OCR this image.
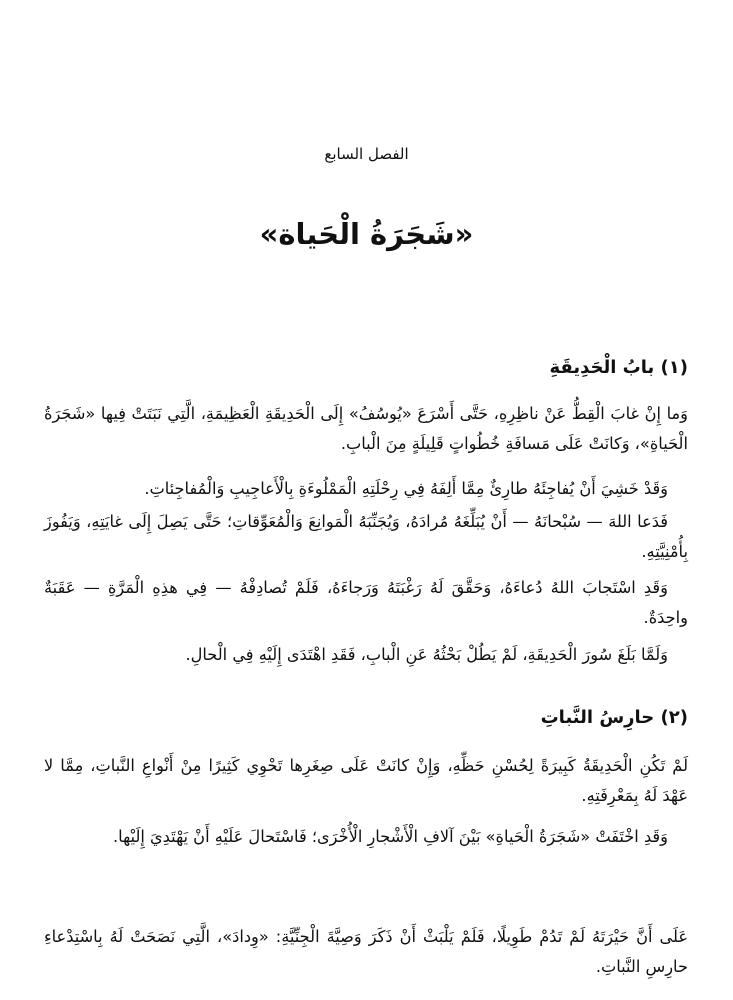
الفصل السابع
«شَجَرَةُ الْحَياة»
(١) بابُ الْحَدِيقَةِ

وَما إِنْ غابَ الْقِطُّ عَنْ ناظِرِهِ، حَتَّى أَسْرَعَ «يُوسُفُ» إِلَى الْحَدِيقَةِ الْعَظِيمَةِ، الَّتِي نَبَتَتْ فِيها «شَجَرَةُ الْحَياةِ»، وَكانَتْ عَلَى مَسافَةِ خُطُواتٍ قَلِيلَةٍ مِنَ الْبابِ.

وَقَدْ خَشِيَ أَنْ يُفاجِئَهُ طارِئٌ مِمَّا أَلِفَهُ فِي رِحْلَتِهِ الْمَمْلُوءَةِ بِالْأَعاجِيبِ وَالْمُفاجِئاتِ.

فَدَعا اللهَ — سُبْحانَهُ — أَنْ يُبَلِّغَهُ مُرادَهُ، وَيُجَنِّبَهُ الْمَوانِعَ وَالْمُعَوِّقاتِ؛ حَتَّى يَصِلَ إِلَى غايَتِهِ، وَيَفُوزَ بِأُمْنِيَّتِهِ.

وَقَدِ اسْتَجابَ اللهُ دُعاءَهُ، وَحَقَّقَ لَهُ رَغْبَتَهُ وَرَجاءَهُ، فَلَمْ تُصادِفْهُ — فِي هذِهِ الْمَرَّةِ — عَقَبَةٌ واحِدَةٌ.

وَلَمَّا بَلَغَ سُورَ الْحَدِيقَةِ، لَمْ يَطُلْ بَحْثُهُ عَنِ الْبابِ، فَقَدِ اهْتَدَى إِلَيْهِ فِي الْحالِ.

(٢) حارِسُ النَّباتِ

لَمْ تَكُنِ الْحَدِيقَةُ كَبِيرَةً لِحُسْنِ حَظِّهِ، وَإِنْ كانَتْ عَلَى صِغَرِها تَحْوِي كَثِيرًا مِنْ أَنْواعِ النَّباتِ، مِمَّا لا عَهْدَ لَهُ بِمَعْرِفَتِهِ.

وَقَدِ اخْتَفَتْ «شَجَرَةُ الْحَياةِ» بَيْنَ آلافِ الْأَشْجارِ الْأُخْرَى؛ فَاسْتَحالَ عَلَيْهِ أَنْ يَهْتَدِيَ إِلَيْها.

عَلَى أَنَّ حَيْرَتَهُ لَمْ تَدُمْ طَوِيلًا، فَلَمْ يَلْبَثْ أَنْ ذَكَرَ وَصِيَّةَ الْجِنِّيَّةِ: «وِدادَ»، الَّتِي نَصَحَتْ لَهُ بِاسْتِدْعاءِ حارِسِ النَّباتِ.
